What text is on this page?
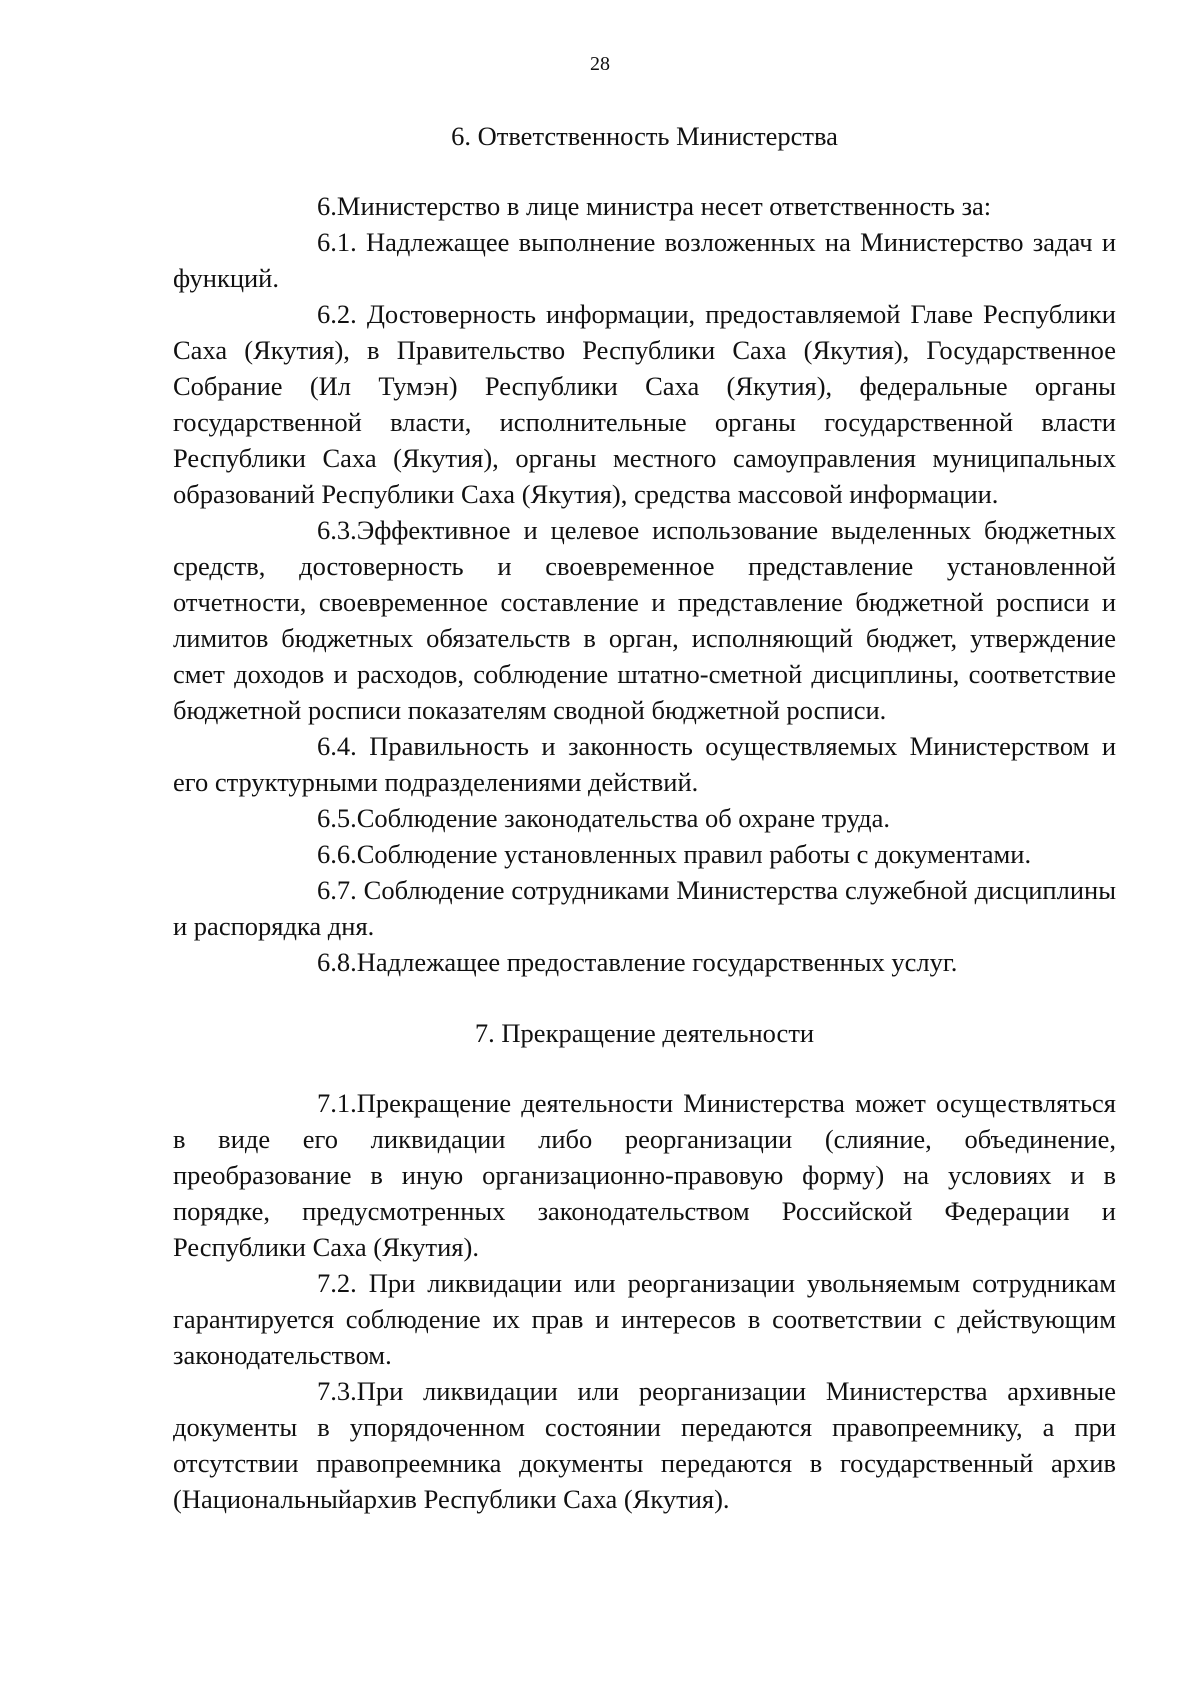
28
6. Ответственность Министерства

6.Министерство в лице министра несет ответственность за:

6.1. Надлежащее выполнение возложенных на Министерство задач и функций.

6.2. Достоверность информации, предоставляемой Главе Республики Саха (Якутия), в Правительство Республики Саха (Якутия), Государственное Собрание (Ил Тумэн) Республики Саха (Якутия), федеральные органы государственной власти, исполнительные органы государственной власти Республики Саха (Якутия), органы местного самоуправления муниципальных образований Республики Саха (Якутия), средства массовой информации.

6.3.Эффективное и целевое использование выделенных бюджетных средств, достоверность и своевременное представление установленной отчетности, своевременное составление и представление бюджетной росписи и лимитов бюджетных обязательств в орган, исполняющий бюджет, утверждение смет доходов и расходов, соблюдение штатно-сметной дисциплины, соответствие бюджетной росписи показателям сводной бюджетной росписи.

6.4. Правильность и законность осуществляемых Министерством и его структурными подразделениями действий.

6.5.Соблюдение законодательства об охране труда.

6.6.Соблюдение установленных правил работы с документами.

6.7. Соблюдение сотрудниками Министерства служебной дисциплины и распорядка дня.

6.8.Надлежащее предоставление государственных услуг.

7. Прекращение деятельности

7.1.Прекращение деятельности Министерства может осуществляться в виде его ликвидации либо реорганизации (слияние, объединение, преобразование в иную организационно-правовую форму) на условиях и в порядке, предусмотренных законодательством Российской Федерации и Республики Саха (Якутия).

7.2. При ликвидации или реорганизации увольняемым сотрудникам гарантируется соблюдение их прав и интересов в соответствии с действующим законодательством.

7.3.При ликвидации или реорганизации Министерства архивные документы в упорядоченном состоянии передаются правопреемнику, а при отсутствии правопреемника документы передаются в государственный архив (Национальныйархив Республики Саха (Якутия).
